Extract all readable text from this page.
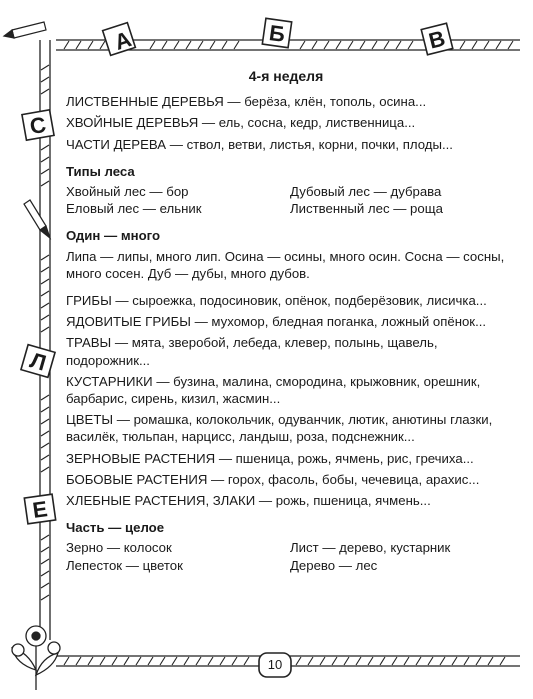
А	Б	В
С
Л
Е
4-я неделя

ЛИСТВЕННЫЕ ДЕРЕВЬЯ — берёза, клён, тополь, осина...

ХВОЙНЫЕ ДЕРЕВЬЯ — ель, сосна, кедр, лиственница...

ЧАСТИ ДЕРЕВА — ствол, ветви, листья, корни, почки, плоды...

Типы леса
Хвойный лес — бор	Дубовый лес — дубрава
Еловый лес — ельник	Лиственный лес — роща
Один — много

Липа — липы, много лип. Осина — осины, много осин. Сосна — сосны, много сосен. Дуб — дубы, много дубов.

ГРИБЫ — сыроежка, подосиновик, опёнок, подберёзовик, лисичка...

ЯДОВИТЫЕ ГРИБЫ — мухомор, бледная поганка, ложный опёнок...

ТРАВЫ — мята, зверобой, лебеда, клевер, полынь, щавель, подорожник...

КУСТАРНИКИ — бузина, малина, смородина, крыжовник, орешник, барбарис, сирень, кизил, жасмин...

ЦВЕТЫ — ромашка, колокольчик, одуванчик, лютик, анютины глазки, василёк, тюльпан, нарцисс, ландыш, роза, подснежник...

ЗЕРНОВЫЕ РАСТЕНИЯ — пшеница, рожь, ячмень, рис, гречиха...

БОБОВЫЕ РАСТЕНИЯ — горох, фасоль, бобы, чечевица, арахис...

ХЛЕБНЫЕ РАСТЕНИЯ, ЗЛАКИ — рожь, пшеница, ячмень...

Часть — целое
Зерно — колосок	Лист — дерево, кустарник
Лепесток — цветок	Дерево — лес
10
